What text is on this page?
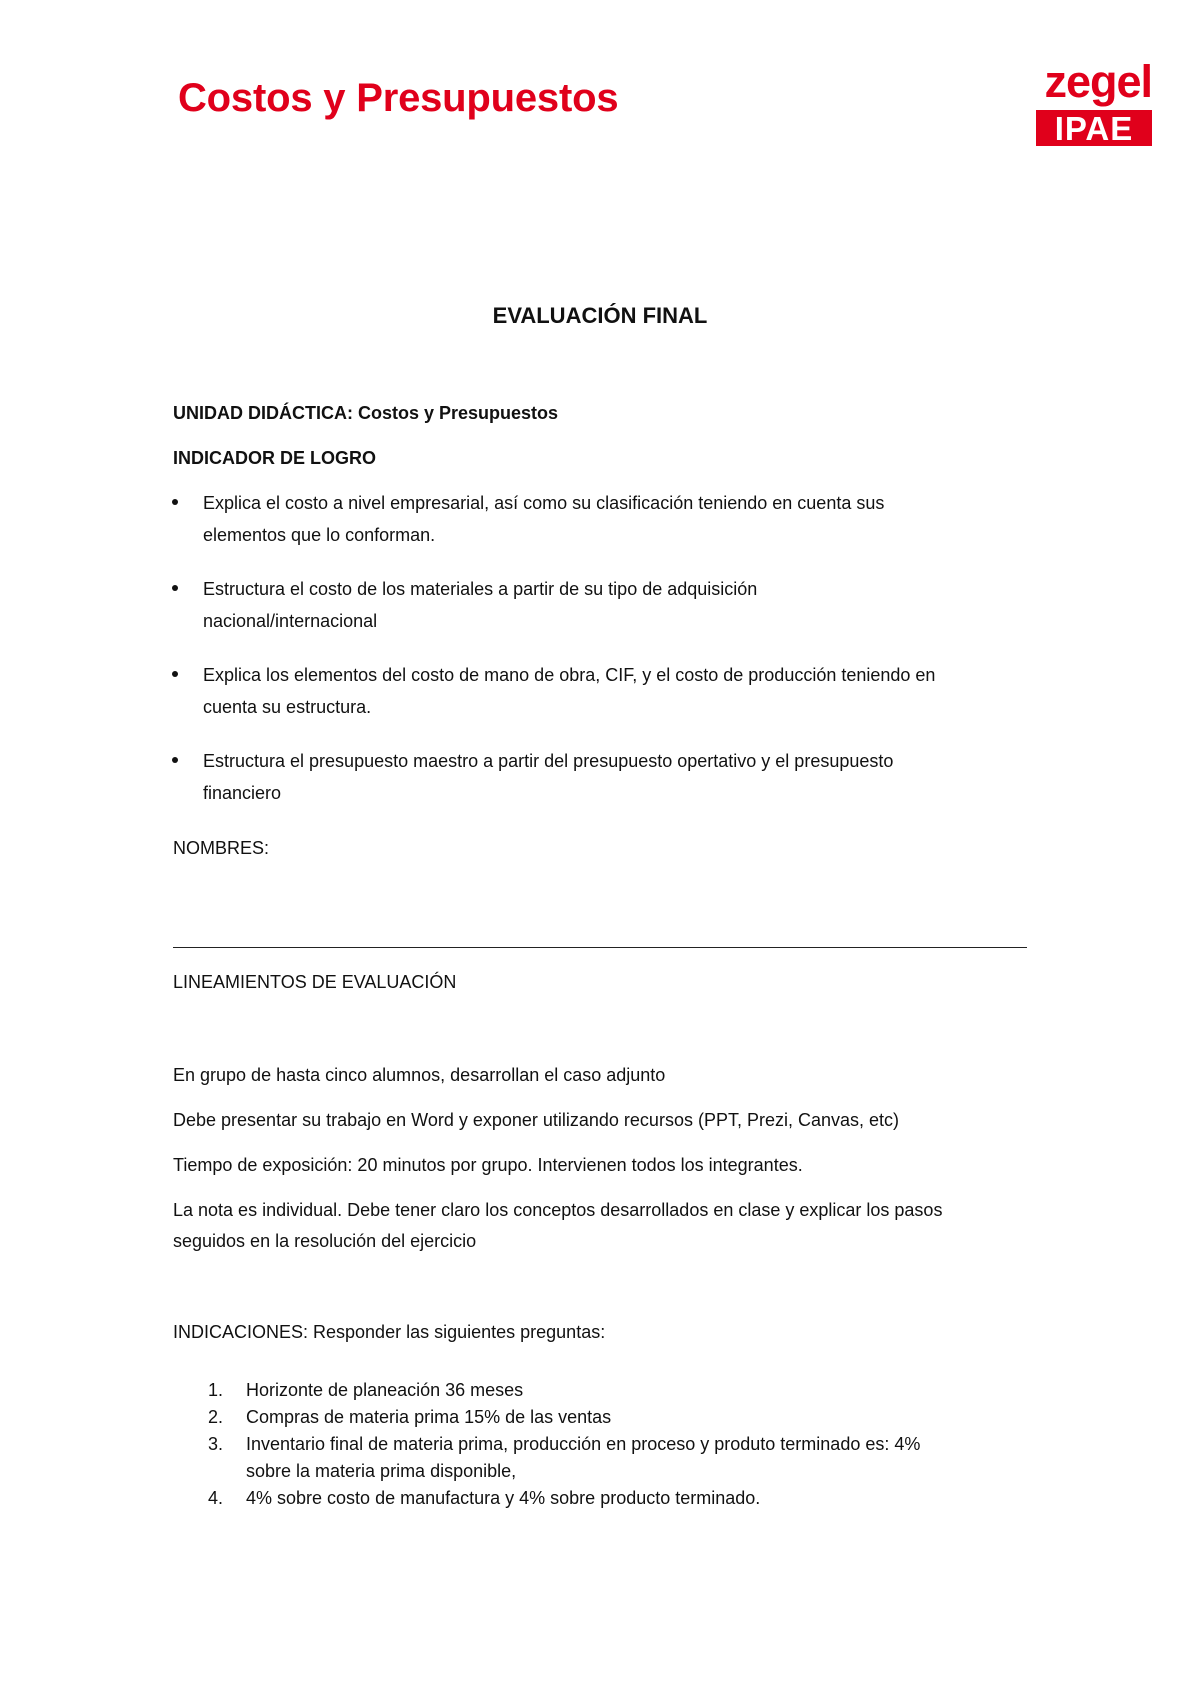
Costos y Presupuestos	zegel
IPAE
EVALUACIÓN FINAL
UNIDAD DIDÁCTICA: Costos y Presupuestos
INDICADOR DE LOGRO
Explica el costo a nivel empresarial, así como su clasificación teniendo en cuenta sus
elementos que lo conforman.
Estructura el costo de los materiales a partir de su tipo de adquisición
nacional/internacional
Explica los elementos del costo de mano de obra, CIF, y el costo de producción teniendo en
cuenta su estructura.
Estructura el presupuesto maestro a partir del presupuesto opertativo y el presupuesto
financiero
NOMBRES:
LINEAMIENTOS DE EVALUACIÓN
En grupo de hasta cinco alumnos, desarrollan el caso adjunto
Debe presentar su trabajo en Word y exponer utilizando recursos (PPT, Prezi, Canvas, etc)
Tiempo de exposición: 20 minutos por grupo. Intervienen todos los integrantes.
La nota es individual. Debe tener claro los conceptos desarrollados en clase y explicar los pasos
seguidos en la resolución del ejercicio
INDICACIONES: Responder las siguientes preguntas:
1. Horizonte de planeación 36 meses
2. Compras de materia prima 15% de las ventas
3. Inventario final de materia prima, producción en proceso y produto terminado es: 4%
sobre la materia prima disponible,
4. 4% sobre costo de manufactura y 4% sobre producto terminado.
